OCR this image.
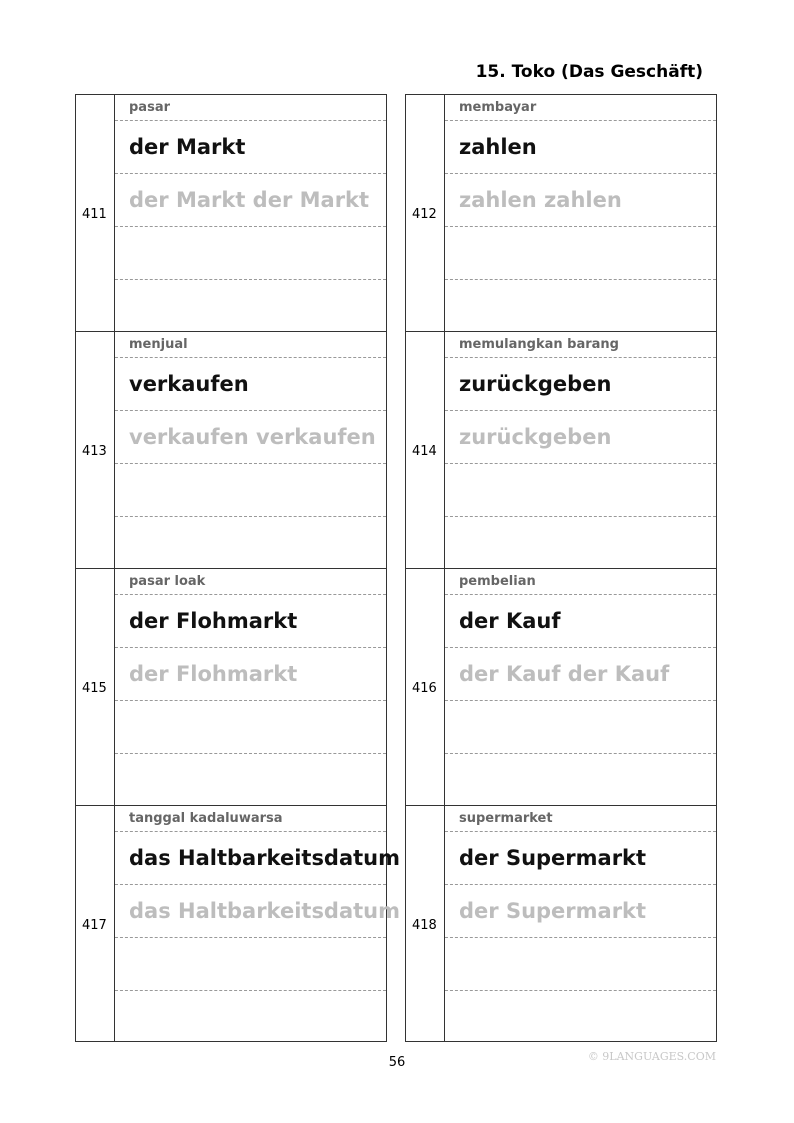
15. Toko (Das Geschäft)
411
pasar
der Markt
der Markt der Markt
413
menjual
verkaufen
verkaufen verkaufen
415
pasar loak
der Flohmarkt
der Flohmarkt
417
tanggal kadaluwarsa
das Haltbarkeitsdatum
das Haltbarkeitsdatum
412
membayar
zahlen
zahlen zahlen
414
memulangkan barang
zurückgeben
zurückgeben
416
pembelian
der Kauf
der Kauf der Kauf
418
supermarket
der Supermarkt
der Supermarkt
56	© 9LANGUAGES.COM
